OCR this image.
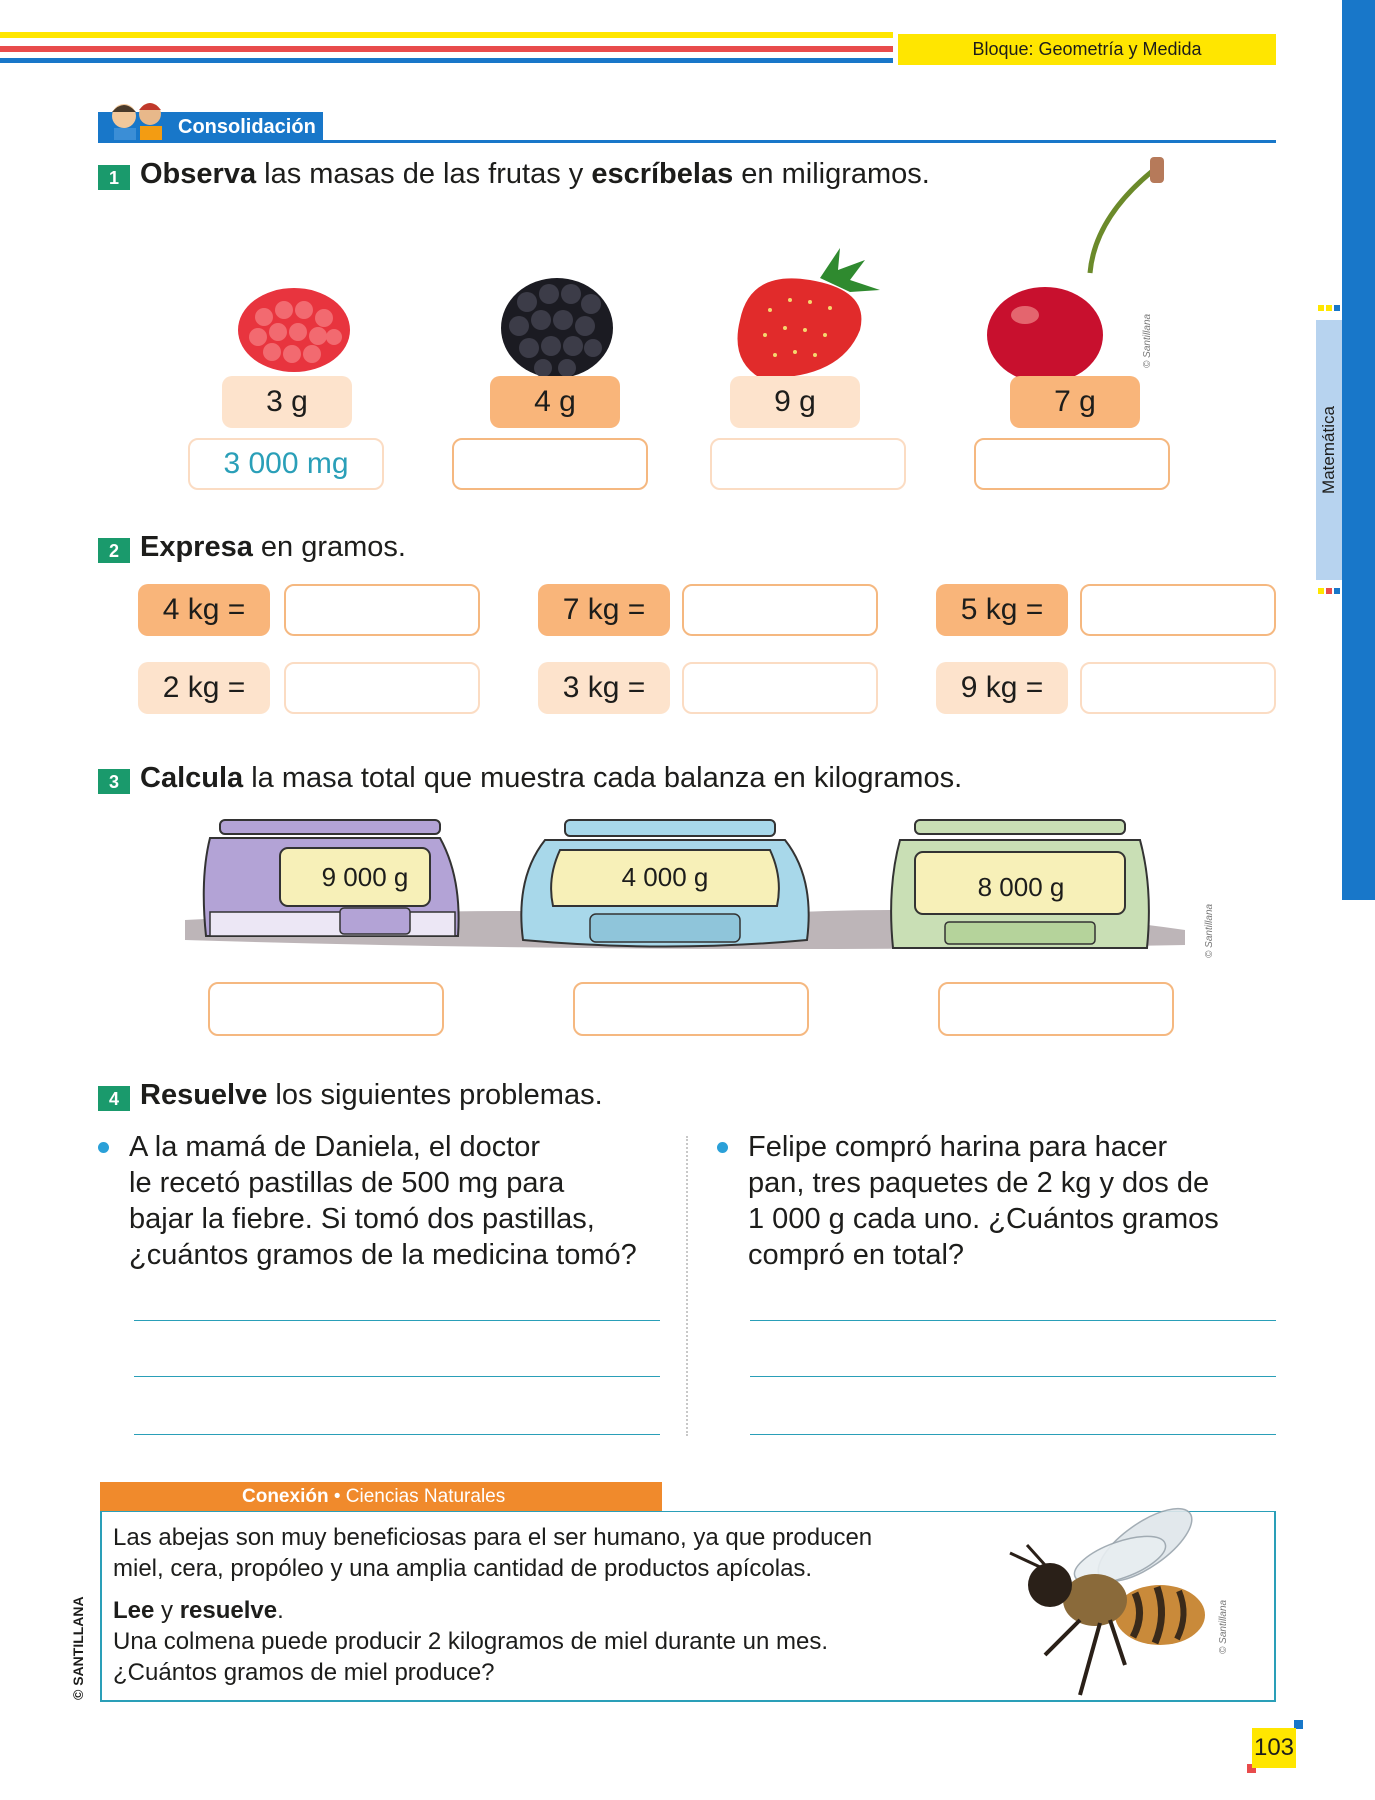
Bloque: Geometría y Medida
Matemática
Consolidación
1 Observa las masas de las frutas y escríbelas en miligramos.
© Santillana
3 g	4 g	9 g	7 g
3 000 mg
2 Expresa en gramos.
4 kg =	7 kg =	5 kg =
2 kg =	3 kg =	9 kg =
3 Calcula la masa total que muestra cada balanza en kilogramos.
9 000 g	4 000 g	8 000 g
© Santillana
4 Resuelve los siguientes problemas.
A la mamá de Daniela, el doctor
le recetó pastillas de 500 mg para
bajar la fiebre. Si tomó dos pastillas,
¿cuántos gramos de la medicina tomó?
Felipe compró harina para hacer
pan, tres paquetes de 2 kg y dos de
1 000 g cada uno. ¿Cuántos gramos
compró en total?
Conexión • Ciencias Naturales
Las abejas son muy beneficiosas para el ser humano, ya que producen
miel, cera, propóleo y una amplia cantidad de productos apícolas.
Lee y resuelve.
Una colmena puede producir 2 kilogramos de miel durante un mes.
¿Cuántos gramos de miel produce?
© Santillana
© SANTILLANA
103
